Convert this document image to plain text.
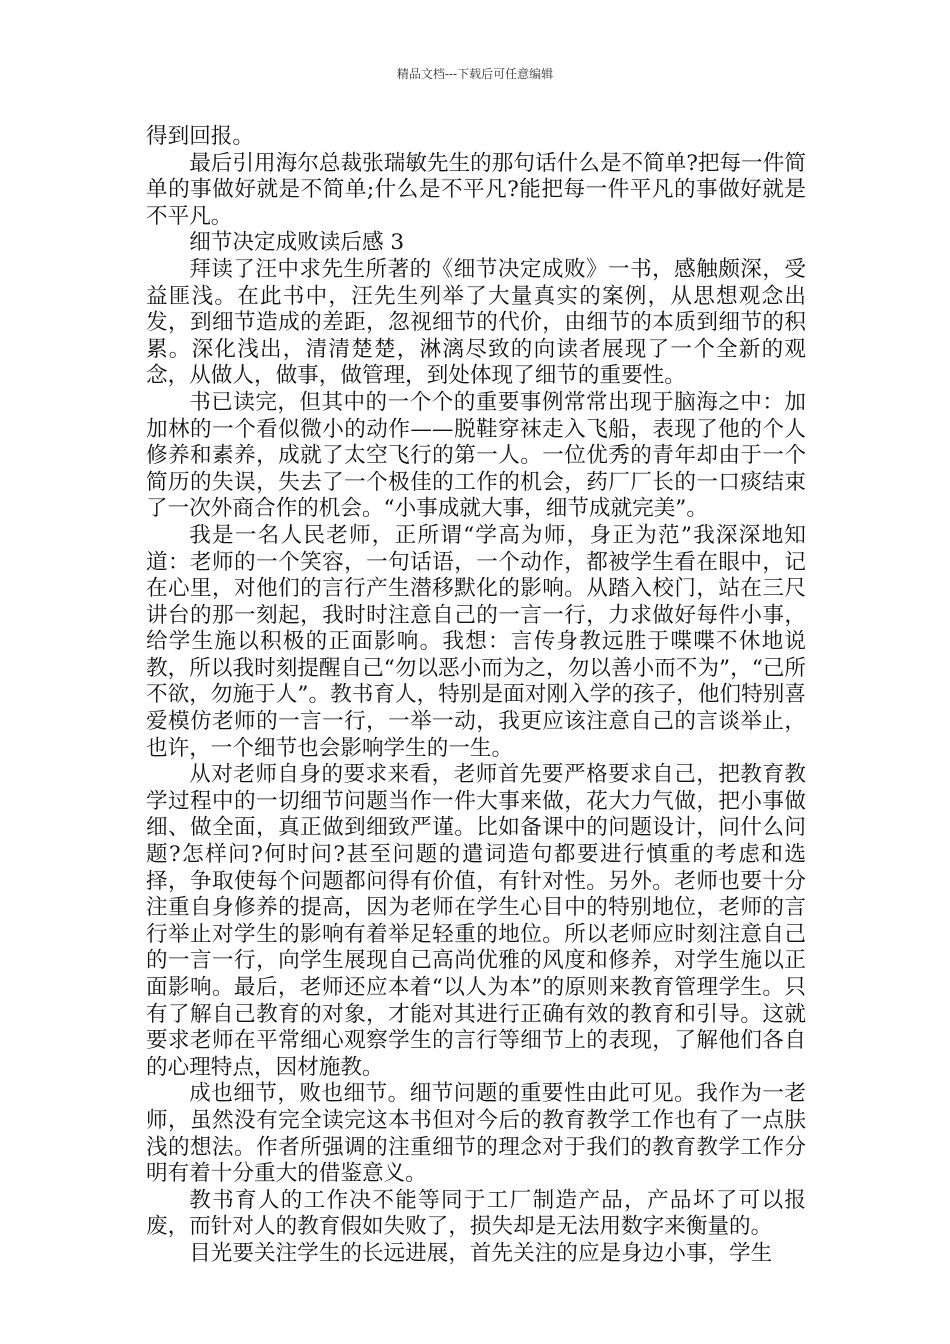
精品文档---下载后可任意编辑

得到回报。

最后引用海尔总裁张瑞敏先生的那句话什么是不简单?把每一件简单的事做好就是不简单;什么是不平凡?能把每一件平凡的事做好就是不平凡。

细节决定成败读后感 3

拜读了汪中求先生所著的《细节决定成败》一书，感触颇深，受益匪浅。在此书中，汪先生列举了大量真实的案例，从思想观念出发，到细节造成的差距，忽视细节的代价，由细节的本质到细节的积累。深化浅出，清清楚楚，淋漓尽致的向读者展现了一个全新的观念，从做人，做事，做管理，到处体现了细节的重要性。

书已读完，但其中的一个个的重要事例常常出现于脑海之中：加加林的一个看似微小的动作——脱鞋穿袜走入飞船，表现了他的个人修养和素养，成就了太空飞行的第一人。一位优秀的青年却由于一个简历的失误，失去了一个极佳的工作的机会，药厂厂长的一口痰结束了一次外商合作的机会。“小事成就大事，细节成就完美”。

我是一名人民老师，正所谓“学高为师，身正为范”我深深地知道：老师的一个笑容，一句话语，一个动作，都被学生看在眼中，记在心里，对他们的言行产生潜移默化的影响。从踏入校门，站在三尺讲台的那一刻起，我时时注意自己的一言一行，力求做好每件小事，给学生施以积极的正面影响。我想：言传身教远胜于喋喋不休地说教，所以我时刻提醒自己“勿以恶小而为之，勿以善小而不为”，“己所不欲，勿施于人”。教书育人，特别是面对刚入学的孩子，他们特别喜爱模仿老师的一言一行，一举一动，我更应该注意自己的言谈举止，也许，一个细节也会影响学生的一生。

从对老师自身的要求来看，老师首先要严格要求自己，把教育教学过程中的一切细节问题当作一件大事来做，花大力气做，把小事做细、做全面，真正做到细致严谨。比如备课中的问题设计，问什么问题?怎样问?何时问?甚至问题的遣词造句都要进行慎重的考虑和选择，争取使每个问题都问得有价值，有针对性。另外。老师也要十分注重自身修养的提高，因为老师在学生心目中的特别地位，老师的言行举止对学生的影响有着举足轻重的地位。所以老师应时刻注意自己的一言一行，向学生展现自己高尚优雅的风度和修养，对学生施以正面影响。最后，老师还应本着“以人为本”的原则来教育管理学生。只有了解自己教育的对象，才能对其进行正确有效的教育和引导。这就要求老师在平常细心观察学生的言行等细节上的表现，了解他们各自的心理特点，因材施教。

成也细节，败也细节。细节问题的重要性由此可见。我作为一老师，虽然没有完全读完这本书但对今后的教育教学工作也有了一点肤浅的想法。作者所强调的注重细节的理念对于我们的教育教学工作分明有着十分重大的借鉴意义。

教书育人的工作决不能等同于工厂制造产品，产品坏了可以报废，而针对人的教育假如失败了，损失却是无法用数字来衡量的。

目光要关注学生的长远进展，首先关注的应是身边小事，学生
